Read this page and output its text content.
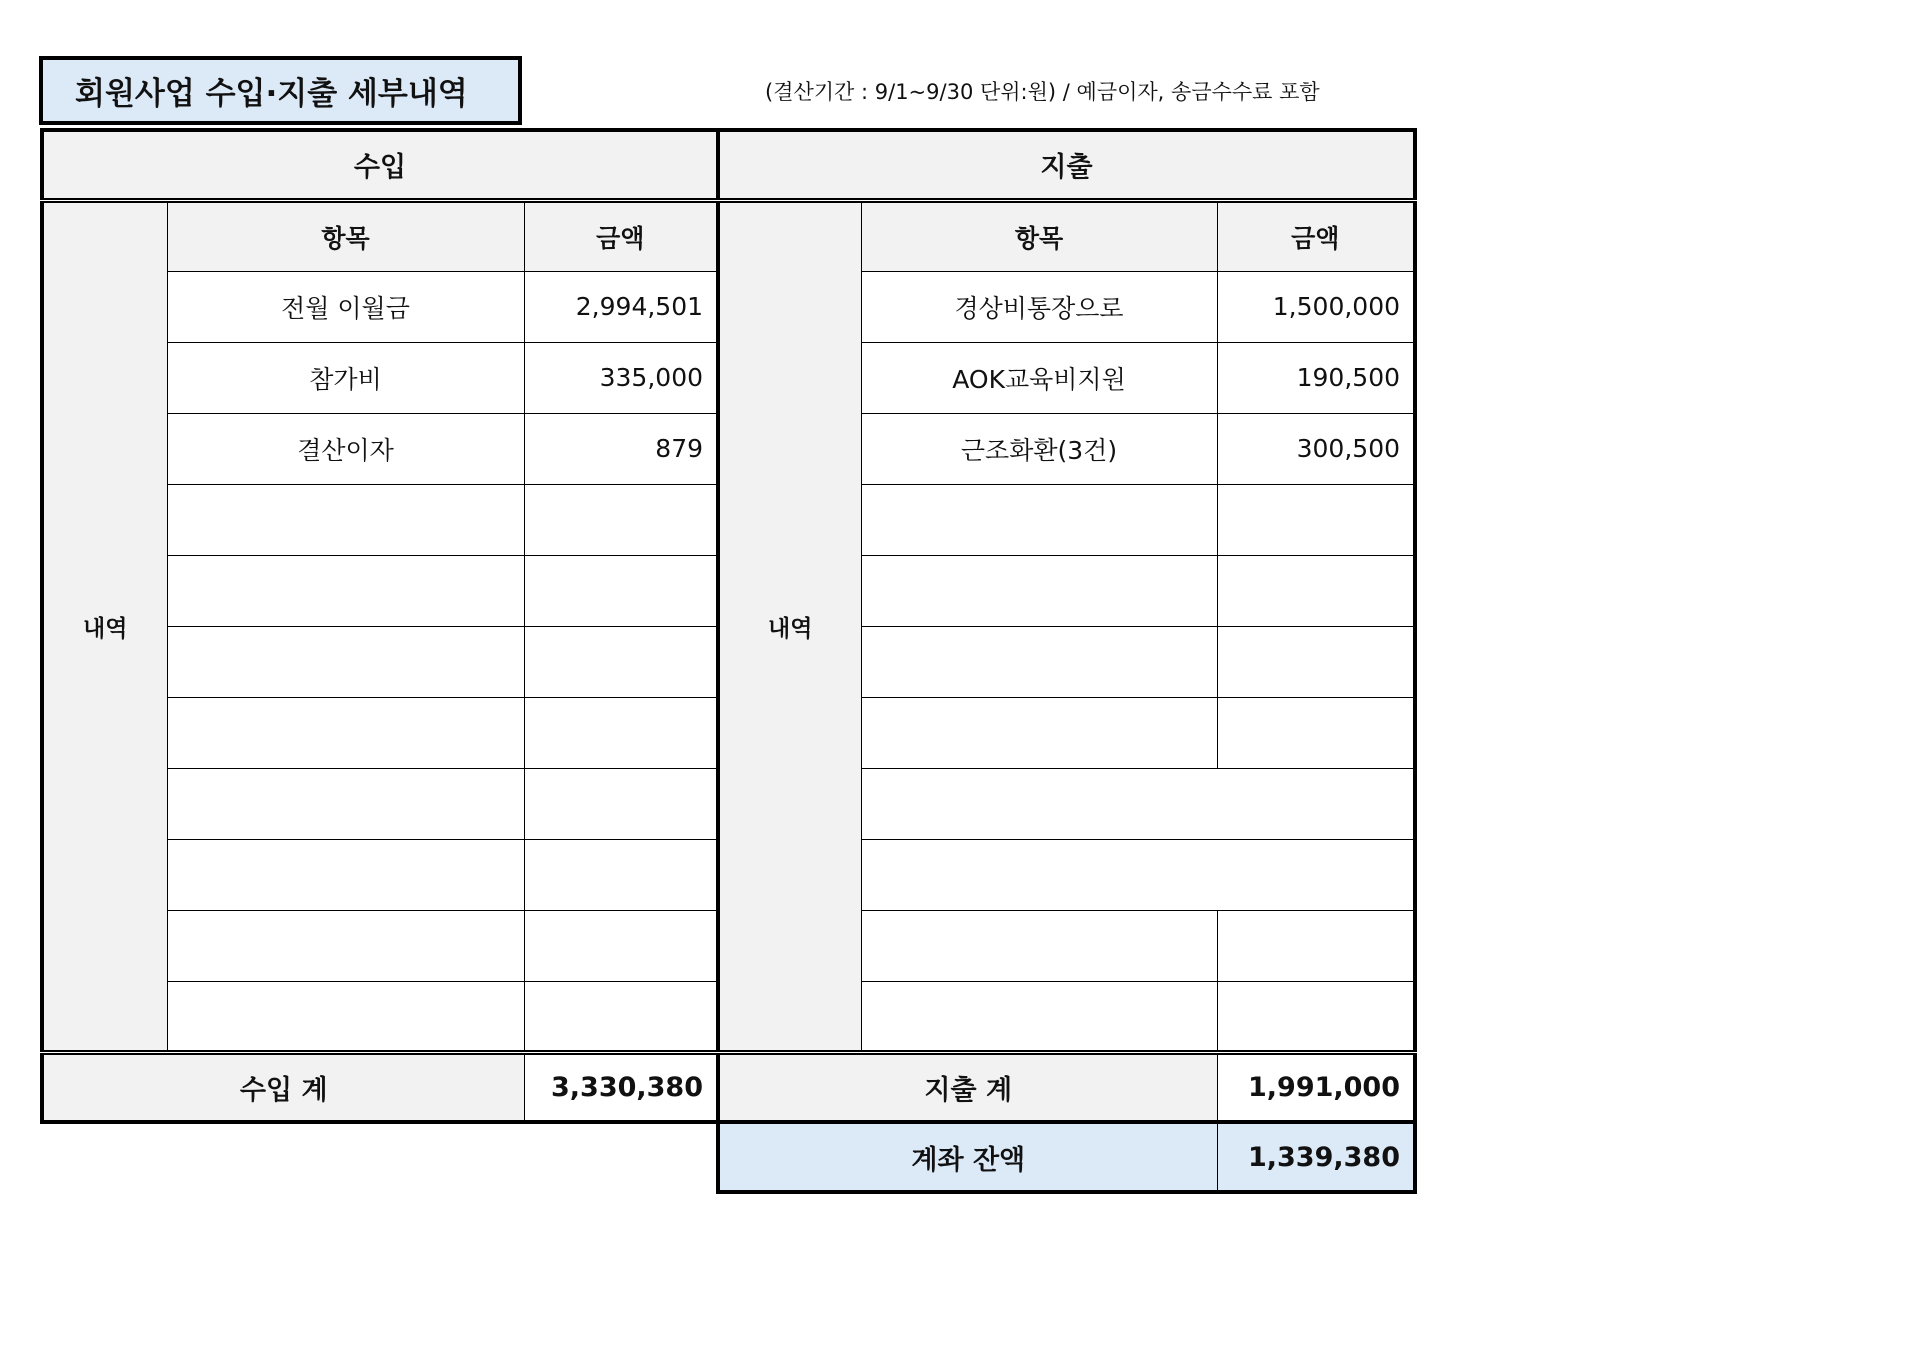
회원사업 수입·지출 세부내역	(결산기간 : 9/1~9/30 단위:원) / 예금이자, 송금수수료 포함
수입		
내역	항목	금액
	전월 이월금	2,994,501
	참가비	335,000
	결산이자	879

수입 계		3,330,380
지출		
내역	항목	금액
	경상비통장으로	1,500,000
	AOK교육비지원	190,500
	근조화환(3건)	300,500

지출 계		1,991,000
계좌 잔액	1,339,380
